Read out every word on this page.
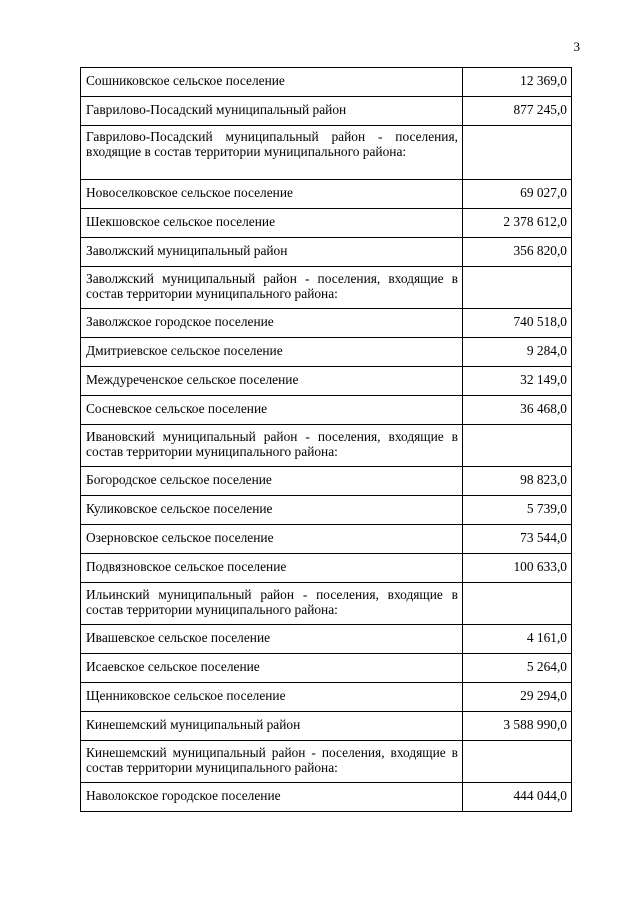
3
Сошниковское сельское поселение	12 369,0
Гаврилово-Посадский муниципальный район	877 245,0
Гаврилово-Посадский муниципальный район - поселения, входящие в состав территории муниципального района:	
Новоселковское сельское поселение	69 027,0
Шекшовское сельское поселение	2 378 612,0
Заволжский муниципальный район	356 820,0
Заволжский муниципальный район - поселения, входящие в состав территории муниципального района:	
Заволжское городское поселение	740 518,0
Дмитриевское сельское поселение	9 284,0
Междуреченское сельское поселение	32 149,0
Сосневское сельское поселение	36 468,0
Ивановский муниципальный район - поселения, входящие в состав территории муниципального района:	
Богородское сельское поселение	98 823,0
Куликовское сельское поселение	5 739,0
Озерновское сельское поселение	73 544,0
Подвязновское сельское поселение	100 633,0
Ильинский муниципальный район - поселения, входящие в состав территории муниципального района:	
Ивашевское сельское поселение	4 161,0
Исаевское сельское поселение	5 264,0
Щенниковское сельское поселение	29 294,0
Кинешемский муниципальный район	3 588 990,0
Кинешемский муниципальный район - поселения, входящие в состав территории муниципального района:	
Наволокское городское поселение	444 044,0
